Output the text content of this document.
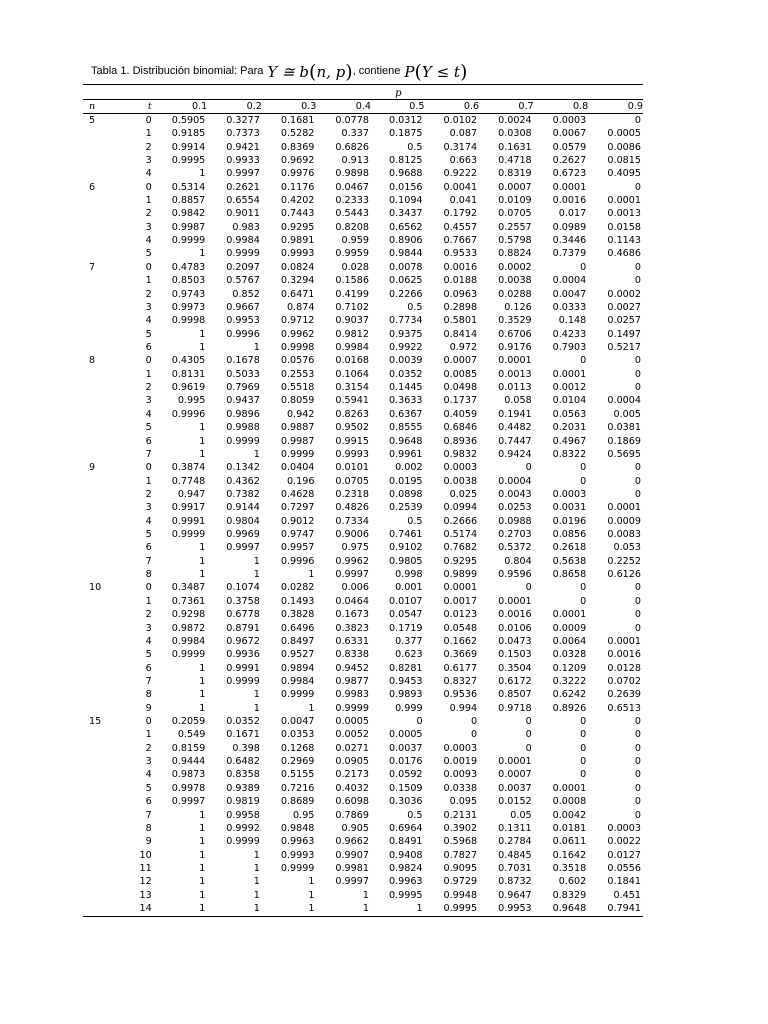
Tabla 1. Distribución binomial: Para Y ≅ b(n, p) , contiene P(Y ≤ t)
		p								
n	t	0.1	0.2	0.3	0.4	0.5	0.6	0.7	0.8	0.9
5	0	0.5905	0.3277	0.1681	0.0778	0.0312	0.0102	0.0024	0.0003	0
	1	0.9185	0.7373	0.5282	0.337	0.1875	0.087	0.0308	0.0067	0.0005
	2	0.9914	0.9421	0.8369	0.6826	0.5	0.3174	0.1631	0.0579	0.0086
	3	0.9995	0.9933	0.9692	0.913	0.8125	0.663	0.4718	0.2627	0.0815
	4	1	0.9997	0.9976	0.9898	0.9688	0.9222	0.8319	0.6723	0.4095
6	0	0.5314	0.2621	0.1176	0.0467	0.0156	0.0041	0.0007	0.0001	0
	1	0.8857	0.6554	0.4202	0.2333	0.1094	0.041	0.0109	0.0016	0.0001
	2	0.9842	0.9011	0.7443	0.5443	0.3437	0.1792	0.0705	0.017	0.0013
	3	0.9987	0.983	0.9295	0.8208	0.6562	0.4557	0.2557	0.0989	0.0158
	4	0.9999	0.9984	0.9891	0.959	0.8906	0.7667	0.5798	0.3446	0.1143
	5	1	0.9999	0.9993	0.9959	0.9844	0.9533	0.8824	0.7379	0.4686
7	0	0.4783	0.2097	0.0824	0.028	0.0078	0.0016	0.0002	0	0
	1	0.8503	0.5767	0.3294	0.1586	0.0625	0.0188	0.0038	0.0004	0
	2	0.9743	0.852	0.6471	0.4199	0.2266	0.0963	0.0288	0.0047	0.0002
	3	0.9973	0.9667	0.874	0.7102	0.5	0.2898	0.126	0.0333	0.0027
	4	0.9998	0.9953	0.9712	0.9037	0.7734	0.5801	0.3529	0.148	0.0257
	5	1	0.9996	0.9962	0.9812	0.9375	0.8414	0.6706	0.4233	0.1497
	6	1	1	0.9998	0.9984	0.9922	0.972	0.9176	0.7903	0.5217
8	0	0.4305	0.1678	0.0576	0.0168	0.0039	0.0007	0.0001	0	0
	1	0.8131	0.5033	0.2553	0.1064	0.0352	0.0085	0.0013	0.0001	0
	2	0.9619	0.7969	0.5518	0.3154	0.1445	0.0498	0.0113	0.0012	0
	3	0.995	0.9437	0.8059	0.5941	0.3633	0.1737	0.058	0.0104	0.0004
	4	0.9996	0.9896	0.942	0.8263	0.6367	0.4059	0.1941	0.0563	0.005
	5	1	0.9988	0.9887	0.9502	0.8555	0.6846	0.4482	0.2031	0.0381
	6	1	0.9999	0.9987	0.9915	0.9648	0.8936	0.7447	0.4967	0.1869
	7	1	1	0.9999	0.9993	0.9961	0.9832	0.9424	0.8322	0.5695
9	0	0.3874	0.1342	0.0404	0.0101	0.002	0.0003	0	0	0
	1	0.7748	0.4362	0.196	0.0705	0.0195	0.0038	0.0004	0	0
	2	0.947	0.7382	0.4628	0.2318	0.0898	0.025	0.0043	0.0003	0
	3	0.9917	0.9144	0.7297	0.4826	0.2539	0.0994	0.0253	0.0031	0.0001
	4	0.9991	0.9804	0.9012	0.7334	0.5	0.2666	0.0988	0.0196	0.0009
	5	0.9999	0.9969	0.9747	0.9006	0.7461	0.5174	0.2703	0.0856	0.0083
	6	1	0.9997	0.9957	0.975	0.9102	0.7682	0.5372	0.2618	0.053
	7	1	1	0.9996	0.9962	0.9805	0.9295	0.804	0.5638	0.2252
	8	1	1	1	0.9997	0.998	0.9899	0.9596	0.8658	0.6126
10	0	0.3487	0.1074	0.0282	0.006	0.001	0.0001	0	0	0
	1	0.7361	0.3758	0.1493	0.0464	0.0107	0.0017	0.0001	0	0
	2	0.9298	0.6778	0.3828	0.1673	0.0547	0.0123	0.0016	0.0001	0
	3	0.9872	0.8791	0.6496	0.3823	0.1719	0.0548	0.0106	0.0009	0
	4	0.9984	0.9672	0.8497	0.6331	0.377	0.1662	0.0473	0.0064	0.0001
	5	0.9999	0.9936	0.9527	0.8338	0.623	0.3669	0.1503	0.0328	0.0016
	6	1	0.9991	0.9894	0.9452	0.8281	0.6177	0.3504	0.1209	0.0128
	7	1	0.9999	0.9984	0.9877	0.9453	0.8327	0.6172	0.3222	0.0702
	8	1	1	0.9999	0.9983	0.9893	0.9536	0.8507	0.6242	0.2639
	9	1	1	1	0.9999	0.999	0.994	0.9718	0.8926	0.6513
15	0	0.2059	0.0352	0.0047	0.0005	0	0	0	0	0
	1	0.549	0.1671	0.0353	0.0052	0.0005	0	0	0	0
	2	0.8159	0.398	0.1268	0.0271	0.0037	0.0003	0	0	0
	3	0.9444	0.6482	0.2969	0.0905	0.0176	0.0019	0.0001	0	0
	4	0.9873	0.8358	0.5155	0.2173	0.0592	0.0093	0.0007	0	0
	5	0.9978	0.9389	0.7216	0.4032	0.1509	0.0338	0.0037	0.0001	0
	6	0.9997	0.9819	0.8689	0.6098	0.3036	0.095	0.0152	0.0008	0
	7	1	0.9958	0.95	0.7869	0.5	0.2131	0.05	0.0042	0
	8	1	0.9992	0.9848	0.905	0.6964	0.3902	0.1311	0.0181	0.0003
	9	1	0.9999	0.9963	0.9662	0.8491	0.5968	0.2784	0.0611	0.0022
	10	1	1	0.9993	0.9907	0.9408	0.7827	0.4845	0.1642	0.0127
	11	1	1	0.9999	0.9981	0.9824	0.9095	0.7031	0.3518	0.0556
	12	1	1	1	0.9997	0.9963	0.9729	0.8732	0.602	0.1841
	13	1	1	1	1	0.9995	0.9948	0.9647	0.8329	0.451
	14	1	1	1	1	1	0.9995	0.9953	0.9648	0.7941
